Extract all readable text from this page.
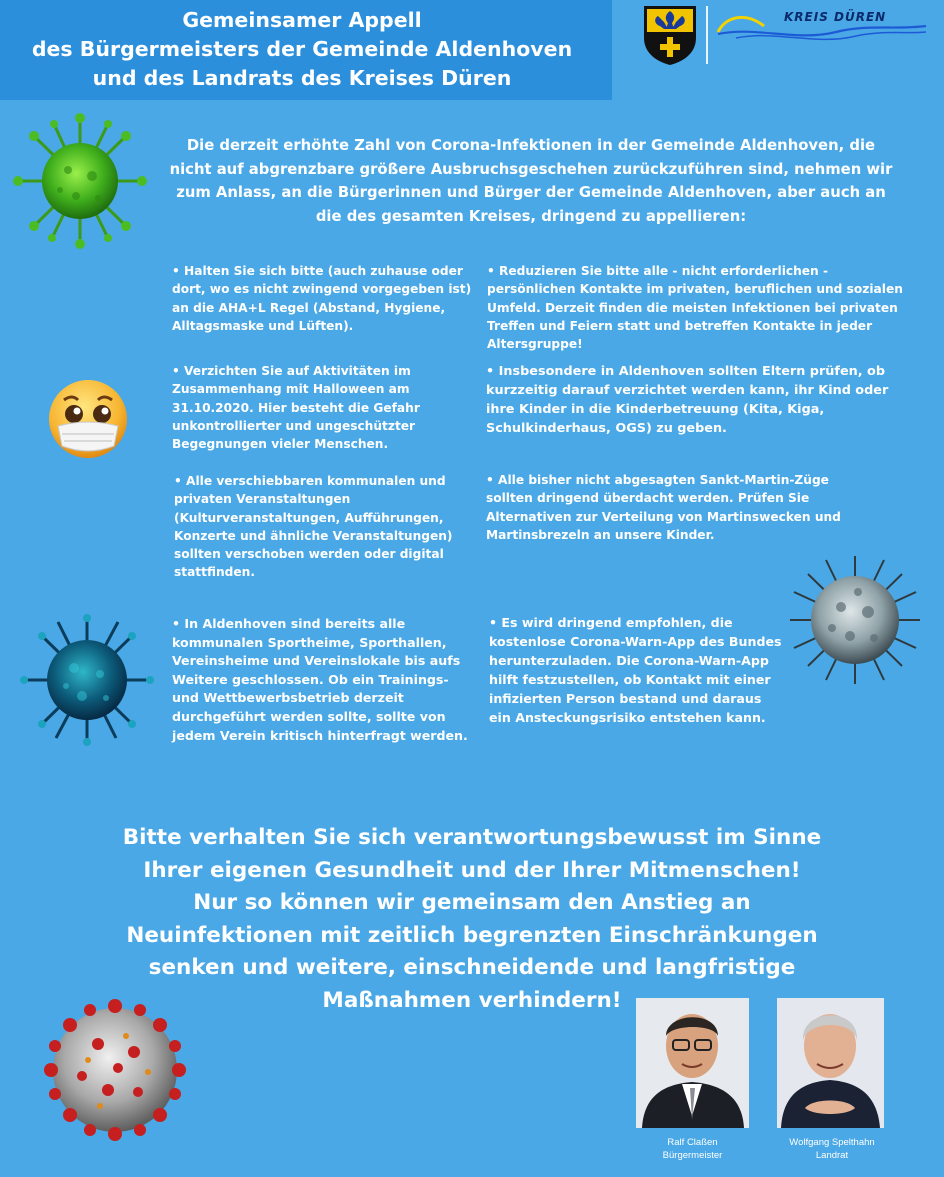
Gemeinsamer Appell
des Bürgermeisters der Gemeinde Aldenhoven
und des Landrats des Kreises Düren
KREIS DÜREN
Die derzeit erhöhte Zahl von Corona-Infektionen in der Gemeinde Aldenhoven, die nicht auf abgrenzbare größere Ausbruchsgeschehen zurückzuführen sind, nehmen wir zum Anlass, an die Bürgerinnen und Bürger der Gemeinde Aldenhoven, aber auch an die des gesamten Kreises, dringend zu appellieren:
• Halten Sie sich bitte (auch zuhause oder dort, wo es nicht zwingend vorgegeben ist) an die AHA+L Regel (Abstand, Hygiene, Alltagsmaske und Lüften).
• Reduzieren Sie bitte alle - nicht erforderlichen - persönlichen Kontakte im privaten, beruflichen und sozialen Umfeld. Derzeit finden die meisten Infektionen bei privaten Treffen und Feiern statt und betreffen Kontakte in jeder Altersgruppe!
• Verzichten Sie auf Aktivitäten im Zusammenhang mit Halloween am 31.10.2020. Hier besteht die Gefahr unkontrollierter und ungeschützter Begegnungen vieler Menschen.
• Insbesondere in Aldenhoven sollten Eltern prüfen, ob kurzzeitig darauf verzichtet werden kann, ihr Kind oder ihre Kinder in die Kinderbetreuung (Kita, Kiga, Schulkinderhaus, OGS) zu geben.
• Alle verschiebbaren kommunalen und privaten Veranstaltungen (Kulturveranstaltungen, Aufführungen, Konzerte und ähnliche Veranstaltungen) sollten verschoben werden oder digital stattfinden.
• Alle bisher nicht abgesagten Sankt-Martin-Züge sollten dringend überdacht werden. Prüfen Sie Alternativen zur Verteilung von Martinswecken und Martinsbrezeln an unsere Kinder.
• In Aldenhoven sind bereits alle kommunalen Sportheime, Sporthallen, Vereinsheime und Vereinslokale bis aufs Weitere geschlossen. Ob ein Trainings- und Wettbewerbsbetrieb derzeit durchgeführt werden sollte, sollte von jedem Verein kritisch hinterfragt werden.
• Es wird dringend empfohlen, die kostenlose Corona-Warn-App des Bundes herunterzuladen. Die Corona-Warn-App hilft festzustellen, ob Kontakt mit einer infizierten Person bestand und daraus ein Ansteckungsrisiko entstehen kann.
Bitte verhalten Sie sich verantwortungsbewusst im Sinne
Ihrer eigenen Gesundheit und der Ihrer Mitmenschen!
Nur so können wir gemeinsam den Anstieg an
Neuinfektionen mit zeitlich begrenzten Einschränkungen
senken und weitere, einschneidende und langfristige
Maßnahmen verhindern!
Ralf Claßen
Bürgermeister
Wolfgang Spelthahn
Landrat
